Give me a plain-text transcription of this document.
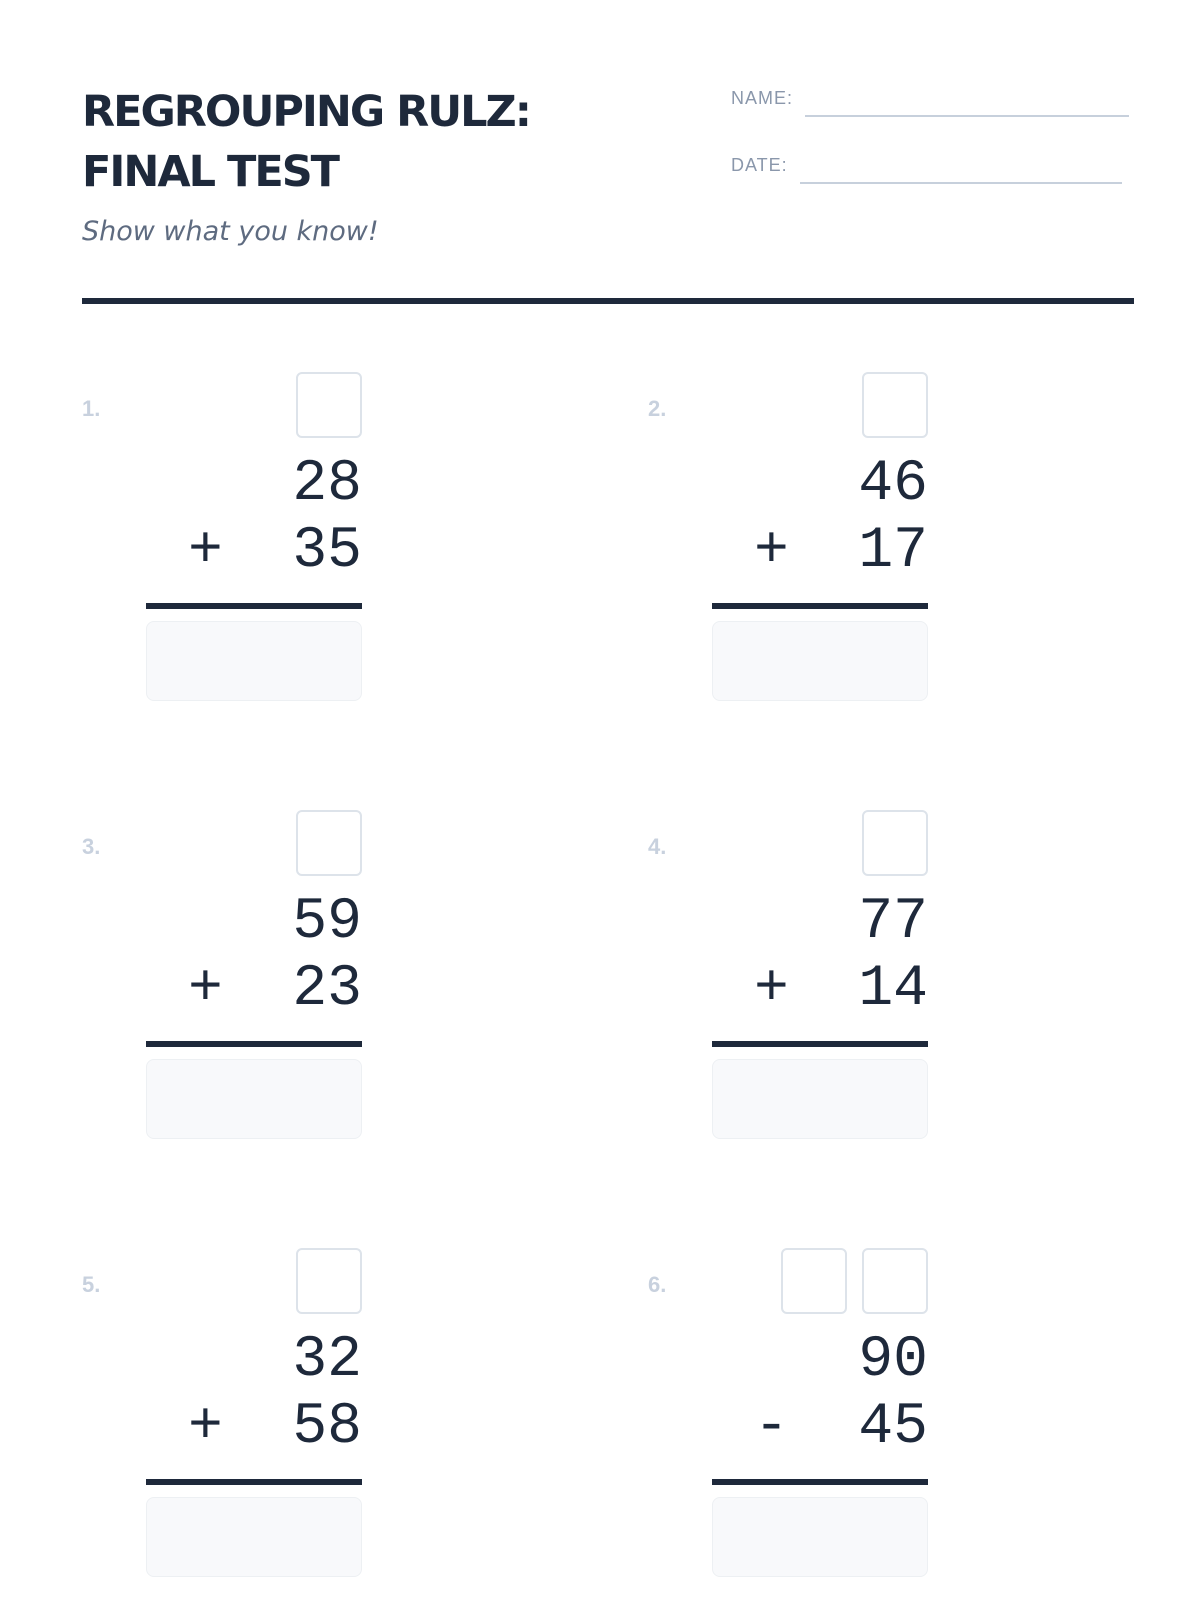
REGROUPING RULZ:
FINAL TEST
Show what you know!
NAME:
DATE:
1.
28
+ 35
2.
46
+ 17
3.
59
+ 23
4.
77
+ 14
5.
32
+ 58
6.
90
- 45
